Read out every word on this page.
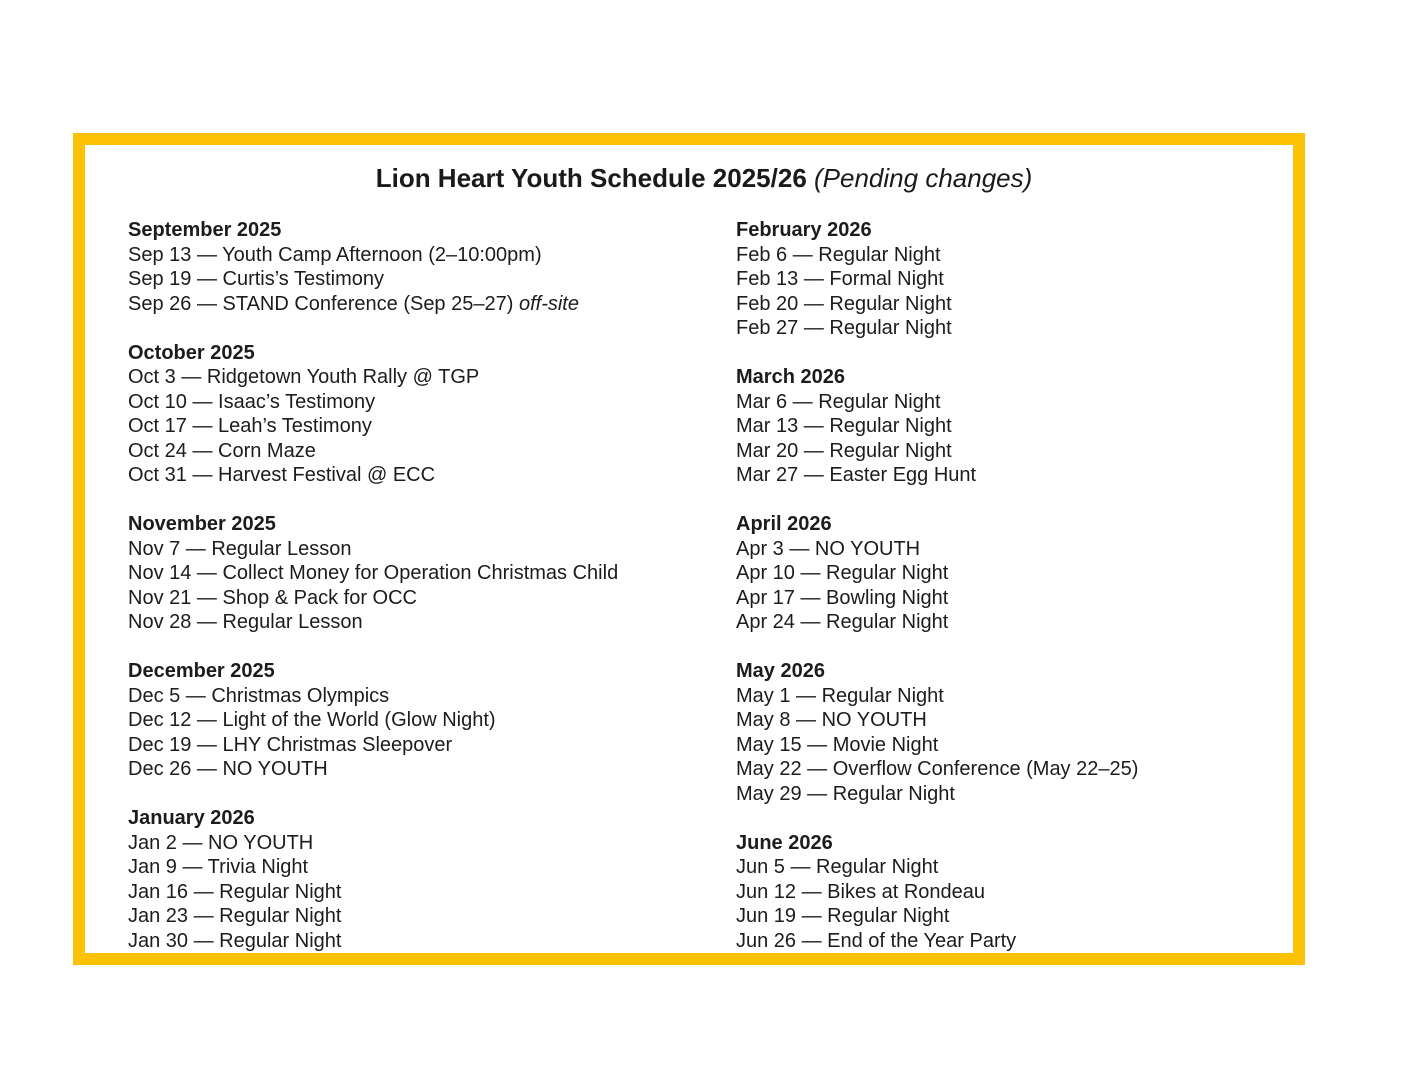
Lion Heart Youth Schedule 2025/26 (Pending changes)
September 2025
Sep 13 — Youth Camp Afternoon (2–10:00pm)
Sep 19 — Curtis’s Testimony
Sep 26 — STAND Conference (Sep 25–27) off-site
October 2025
Oct 3 — Ridgetown Youth Rally @ TGP
Oct 10 — Isaac’s Testimony
Oct 17 — Leah’s Testimony
Oct 24 — Corn Maze
Oct 31 — Harvest Festival @ ECC
November 2025
Nov 7 — Regular Lesson
Nov 14 — Collect Money for Operation Christmas Child
Nov 21 — Shop & Pack for OCC
Nov 28 — Regular Lesson
December 2025
Dec 5 — Christmas Olympics
Dec 12 — Light of the World (Glow Night)
Dec 19 — LHY Christmas Sleepover
Dec 26 — NO YOUTH
January 2026
Jan 2 — NO YOUTH
Jan 9 — Trivia Night
Jan 16 — Regular Night
Jan 23 — Regular Night
Jan 30 — Regular Night
February 2026
Feb 6 — Regular Night
Feb 13 — Formal Night
Feb 20 — Regular Night
Feb 27 — Regular Night
March 2026
Mar 6 — Regular Night
Mar 13 — Regular Night
Mar 20 — Regular Night
Mar 27 — Easter Egg Hunt
April 2026
Apr 3 — NO YOUTH
Apr 10 — Regular Night
Apr 17 — Bowling Night
Apr 24 — Regular Night
May 2026
May 1 — Regular Night
May 8 — NO YOUTH
May 15 — Movie Night
May 22 — Overflow Conference (May 22–25)
May 29 — Regular Night
June 2026
Jun 5 — Regular Night
Jun 12 — Bikes at Rondeau
Jun 19 — Regular Night
Jun 26 — End of the Year Party
